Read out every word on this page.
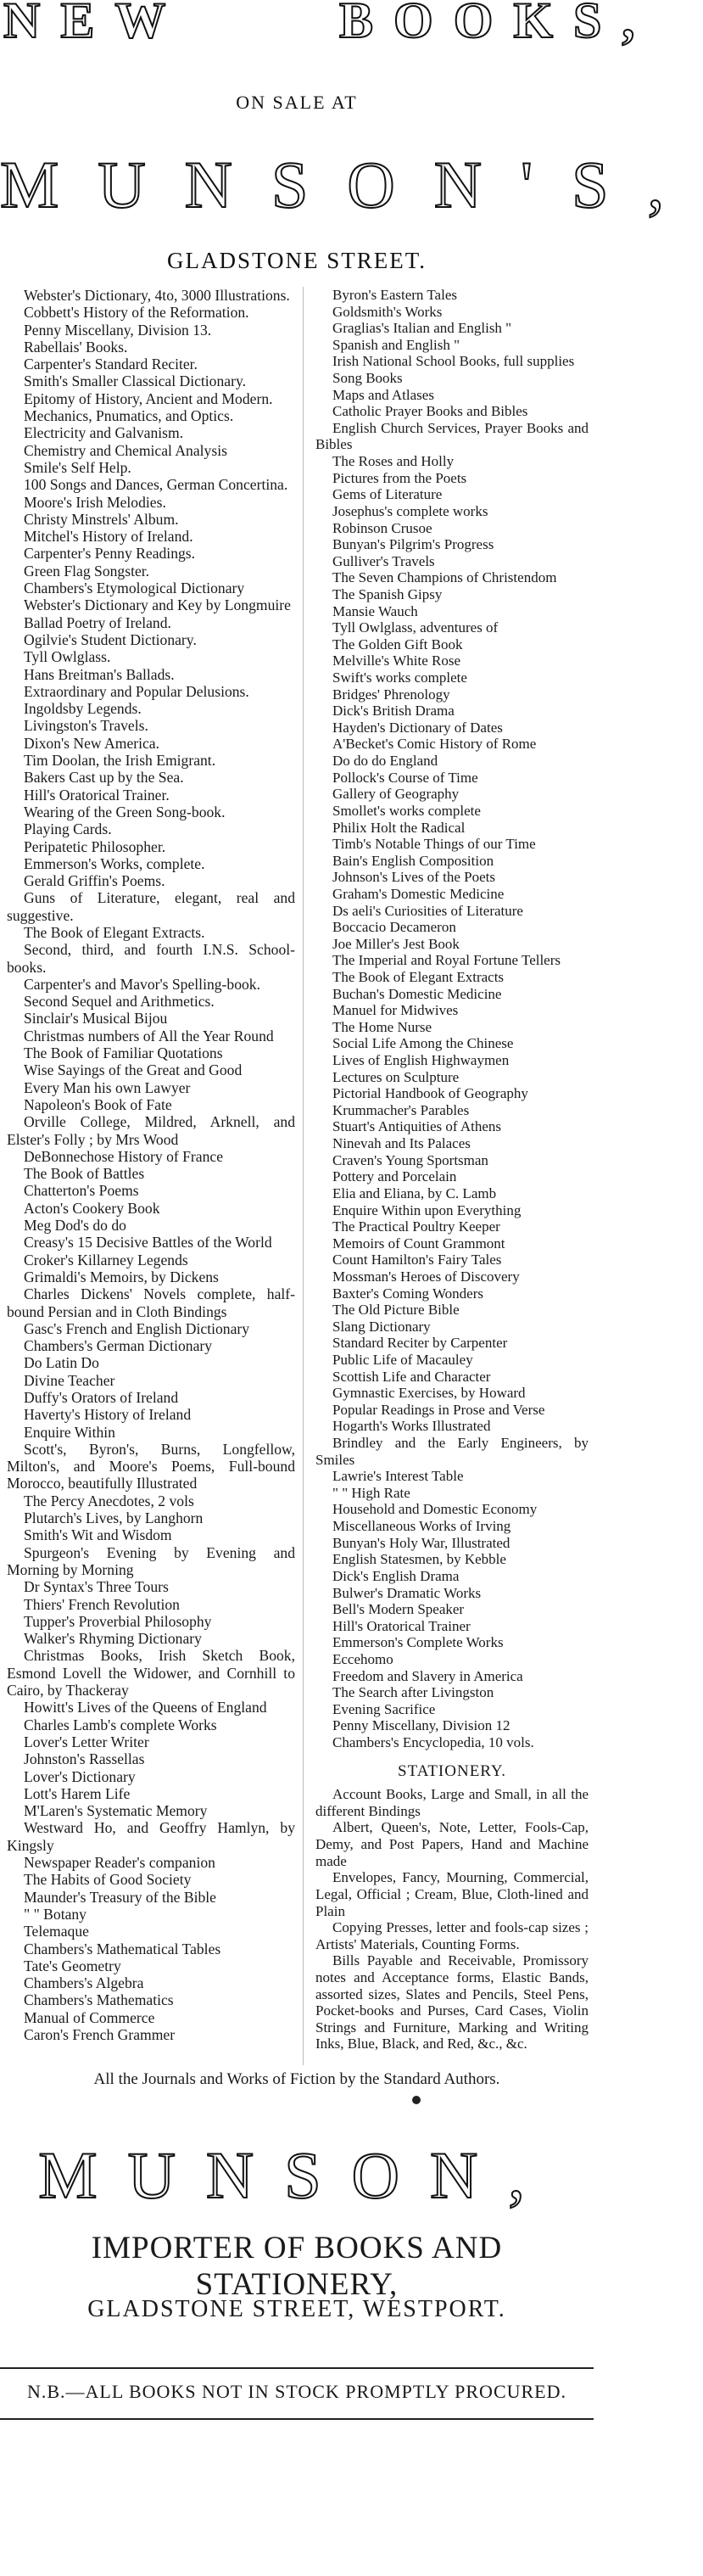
NEW	BOOKS,
ON SALE AT
MUNSON'S,
GLADSTONE STREET.

Webster's Dictionary, 4to, 3000 Illustrations.

Cobbett's History of the Reformation.

Penny Miscellany, Division 13.

Rabellais' Books.

Carpenter's Standard Reciter.

Smith's Smaller Classical Dictionary.

Epitomy of History, Ancient and Modern.

Mechanics, Pnumatics, and Optics.

Electricity and Galvanism.

Chemistry and Chemical Analysis

Smile's Self Help.

100 Songs and Dances, German Concertina.

Moore's Irish Melodies.

Christy Minstrels' Album.

Mitchel's History of Ireland.

Carpenter's Penny Readings.

Green Flag Songster.

Chambers's Etymological Dictionary

Webster's Dictionary and Key by Longmuire

Ballad Poetry of Ireland.

Ogilvie's Student Dictionary.

Tyll Owlglass.

Hans Breitman's Ballads.

Extraordinary and Popular Delusions.

Ingoldsby Legends.

Livingston's Travels.

Dixon's New America.

Tim Doolan, the Irish Emigrant.

Bakers Cast up by the Sea.

Hill's Oratorical Trainer.

Wearing of the Green Song-book.

Playing Cards.

Peripatetic Philosopher.

Emmerson's Works, complete.

Gerald Griffin's Poems.

Guns of Literature, elegant, real and suggestive.

The Book of Elegant Extracts.

Second, third, and fourth I.N.S. School-books.

Carpenter's and Mavor's Spelling-book.

Second Sequel and Arithmetics.

Sinclair's Musical Bijou

Christmas numbers of All the Year Round

The Book of Familiar Quotations

Wise Sayings of the Great and Good

Every Man his own Lawyer

Napoleon's Book of Fate

Orville College, Mildred, Arknell, and Elster's Folly ; by Mrs Wood

DeBonnechose History of France

The Book of Battles

Chatterton's Poems

Acton's Cookery Book

Meg Dod's do do

Creasy's 15 Decisive Battles of the World

Croker's Killarney Legends

Grimaldi's Memoirs, by Dickens

Charles Dickens' Novels complete, half-bound Persian and in Cloth Bindings

Gasc's French and English Dictionary

Chambers's German Dictionary

Do Latin Do

Divine Teacher

Duffy's Orators of Ireland

Haverty's History of Ireland

Enquire Within

Scott's, Byron's, Burns, Longfellow, Milton's, and Moore's Poems, Full-bound Morocco, beautifully Illustrated

The Percy Anecdotes, 2 vols

Plutarch's Lives, by Langhorn

Smith's Wit and Wisdom

Spurgeon's Evening by Evening and Morning by Morning

Dr Syntax's Three Tours

Thiers' French Revolution

Tupper's Proverbial Philosophy

Walker's Rhyming Dictionary

Christmas Books, Irish Sketch Book, Esmond Lovell the Widower, and Cornhill to Cairo, by Thackeray

Howitt's Lives of the Queens of England

Charles Lamb's complete Works

Lover's Letter Writer

Johnston's Rassellas

Lover's Dictionary

Lott's Harem Life

M'Laren's Systematic Memory

Westward Ho, and Geoffry Hamlyn, by Kingsly

Newspaper Reader's companion

The Habits of Good Society

Maunder's Treasury of the Bible

" " Botany

Telemaque

Chambers's Mathematical Tables

Tate's Geometry

Chambers's Algebra

Chambers's Mathematics

Manual of Commerce

Caron's French Grammer

Byron's Eastern Tales

Goldsmith's Works

Graglias's Italian and English "

Spanish and English "

Irish National School Books, full supplies

Song Books

Maps and Atlases

Catholic Prayer Books and Bibles

English Church Services, Prayer Books and Bibles

The Roses and Holly

Pictures from the Poets

Gems of Literature

Josephus's complete works

Robinson Crusoe

Bunyan's Pilgrim's Progress

Gulliver's Travels

The Seven Champions of Christendom

The Spanish Gipsy

Mansie Wauch

Tyll Owlglass, adventures of

The Golden Gift Book

Melville's White Rose

Swift's works complete

Bridges' Phrenology

Dick's British Drama

Hayden's Dictionary of Dates

A'Becket's Comic History of Rome

Do do do England

Pollock's Course of Time

Gallery of Geography

Smollet's works complete

Philix Holt the Radical

Timb's Notable Things of our Time

Bain's English Composition

Johnson's Lives of the Poets

Graham's Domestic Medicine

Ds aeli's Curiosities of Literature

Boccacio Decameron

Joe Miller's Jest Book

The Imperial and Royal Fortune Tellers

The Book of Elegant Extracts

Buchan's Domestic Medicine

Manuel for Midwives

The Home Nurse

Social Life Among the Chinese

Lives of English Highwaymen

Lectures on Sculpture

Pictorial Handbook of Geography

Krummacher's Parables

Stuart's Antiquities of Athens

Ninevah and Its Palaces

Craven's Young Sportsman

Pottery and Porcelain

Elia and Eliana, by C. Lamb

Enquire Within upon Everything

The Practical Poultry Keeper

Memoirs of Count Grammont

Count Hamilton's Fairy Tales

Mossman's Heroes of Discovery

Baxter's Coming Wonders

The Old Picture Bible

Slang Dictionary

Standard Reciter by Carpenter

Public Life of Macauley

Scottish Life and Character

Gymnastic Exercises, by Howard

Popular Readings in Prose and Verse

Hogarth's Works Illustrated

Brindley and the Early Engineers, by Smiles

Lawrie's Interest Table

" " High Rate

Household and Domestic Economy

Miscellaneous Works of Irving

Bunyan's Holy War, Illustrated

English Statesmen, by Kebble

Dick's English Drama

Bulwer's Dramatic Works

Bell's Modern Speaker

Hill's Oratorical Trainer

Emmerson's Complete Works

Eccehomo

Freedom and Slavery in America

The Search after Livingston

Evening Sacrifice

Penny Miscellany, Division 12

Chambers's Encyclopedia, 10 vols.

STATIONERY.

Account Books, Large and Small, in all the different Bindings

Albert, Queen's, Note, Letter, Fools-Cap, Demy, and Post Papers, Hand and Machine made

Envelopes, Fancy, Mourning, Commercial, Legal, Official ; Cream, Blue, Cloth-lined and Plain

Copying Presses, letter and fools-cap sizes ; Artists' Materials, Counting Forms.

Bills Payable and Receivable, Promissory notes and Acceptance forms, Elastic Bands, assorted sizes, Slates and Pencils, Steel Pens, Pocket-books and Purses, Card Cases, Violin Strings and Furniture, Marking and Writing Inks, Blue, Black, and Red, &c., &c.

All the Journals and Works of Fiction by the Standard Authors.
MUNSON,
IMPORTER OF BOOKS AND STATIONERY,
GLADSTONE STREET, WESTPORT.
N.B.—ALL BOOKS NOT IN STOCK PROMPTLY PROCURED.
